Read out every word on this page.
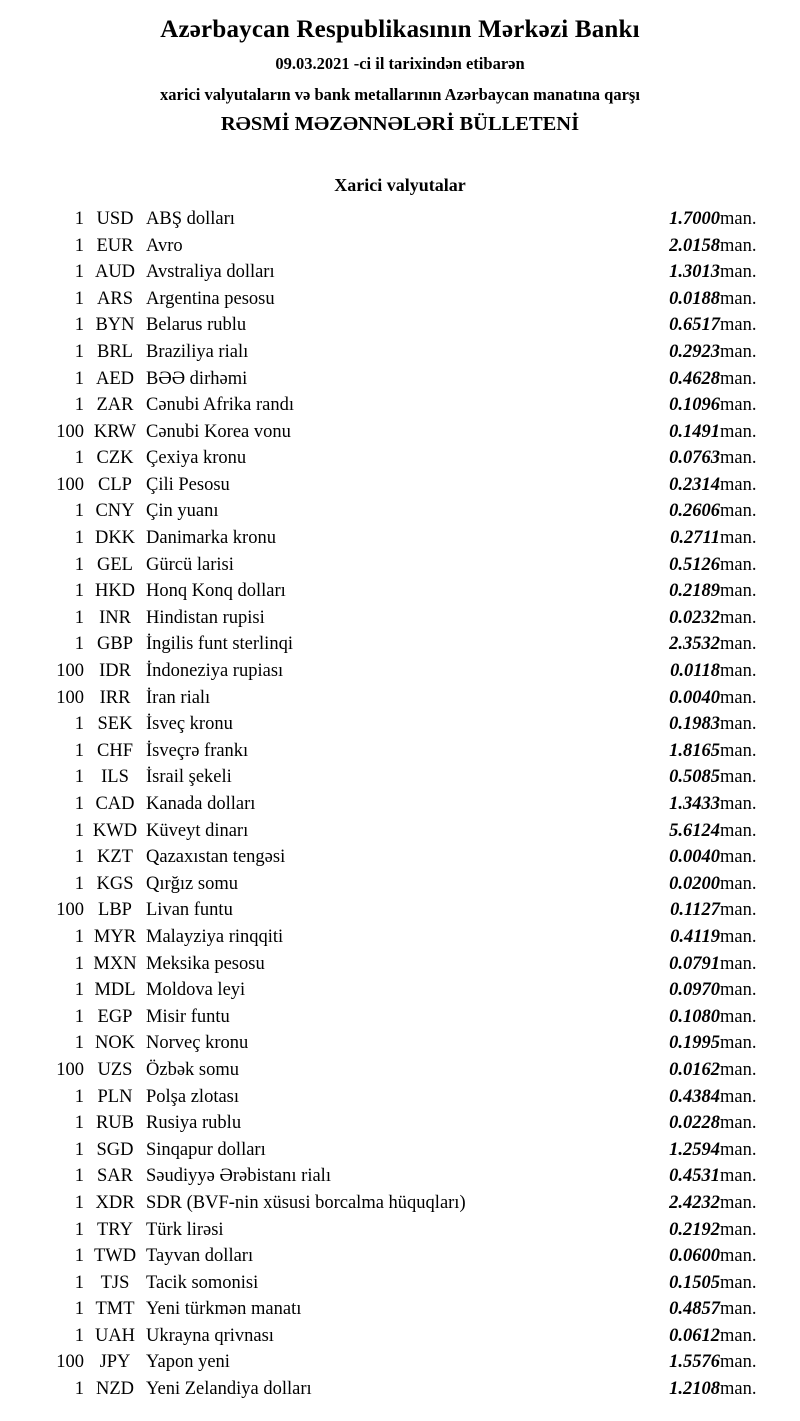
Azərbaycan Respublikasının Mərkəzi Bankı
09.03.2021 -ci il tarixindən etibarən
xarici valyutaların və bank metallarının Azərbaycan manatına qarşı
RƏSMİ MƏZƏNNƏLƏRİ BÜLLETENİ
Xarici valyutalar
1	USD	ABŞ dolları	1.7000	man.
1	EUR	Avro	2.0158	man.
1	AUD	Avstraliya dolları	1.3013	man.
1	ARS	Argentina pesosu	0.0188	man.
1	BYN	Belarus rublu	0.6517	man.
1	BRL	Braziliya rialı	0.2923	man.
1	AED	BƏƏ dirhəmi	0.4628	man.
1	ZAR	Cənubi Afrika randı	0.1096	man.
100	KRW	Cənubi Korea vonu	0.1491	man.
1	CZK	Çexiya kronu	0.0763	man.
100	CLP	Çili Pesosu	0.2314	man.
1	CNY	Çin yuanı	0.2606	man.
1	DKK	Danimarka kronu	0.2711	man.
1	GEL	Gürcü larisi	0.5126	man.
1	HKD	Honq Konq dolları	0.2189	man.
1	INR	Hindistan rupisi	0.0232	man.
1	GBP	İngilis funt sterlinqi	2.3532	man.
100	IDR	İndoneziya rupiası	0.0118	man.
100	IRR	İran rialı	0.0040	man.
1	SEK	İsveç kronu	0.1983	man.
1	CHF	İsveçrə frankı	1.8165	man.
1	ILS	İsrail şekeli	0.5085	man.
1	CAD	Kanada dolları	1.3433	man.
1	KWD	Küveyt dinarı	5.6124	man.
1	KZT	Qazaxıstan tengəsi	0.0040	man.
1	KGS	Qırğız somu	0.0200	man.
100	LBP	Livan funtu	0.1127	man.
1	MYR	Malayziya rinqqiti	0.4119	man.
1	MXN	Meksika pesosu	0.0791	man.
1	MDL	Moldova leyi	0.0970	man.
1	EGP	Misir funtu	0.1080	man.
1	NOK	Norveç kronu	0.1995	man.
100	UZS	Özbək somu	0.0162	man.
1	PLN	Polşa zlotası	0.4384	man.
1	RUB	Rusiya rublu	0.0228	man.
1	SGD	Sinqapur dolları	1.2594	man.
1	SAR	Səudiyyə Ərəbistanı rialı	0.4531	man.
1	XDR	SDR (BVF-nin xüsusi borcalma hüquqları)	2.4232	man.
1	TRY	Türk lirəsi	0.2192	man.
1	TWD	Tayvan dolları	0.0600	man.
1	TJS	Tacik somonisi	0.1505	man.
1	TMT	Yeni türkmən manatı	0.4857	man.
1	UAH	Ukrayna qrivnası	0.0612	man.
100	JPY	Yapon yeni	1.5576	man.
1	NZD	Yeni Zelandiya dolları	1.2108	man.
